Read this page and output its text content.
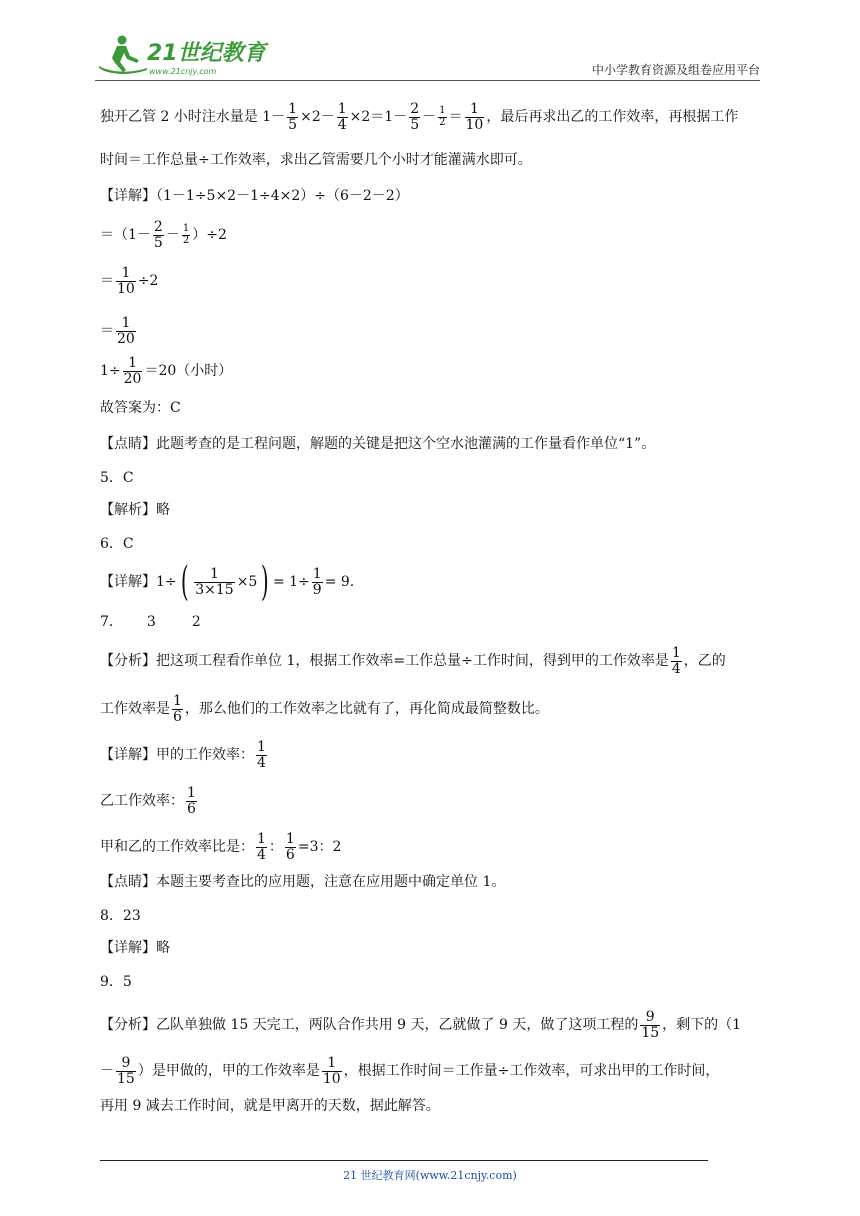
21世纪教育
www.21cnjy.com	中小学教育资源及组卷应用平台
独开乙管 2 小时注水量是 $1- \frac{1}{5} \times 2- \frac{1}{4} \times 2=1- \frac{2}{5} - \frac{1}{2} = \frac{1}{10}$ ，最后再求出乙的工作效率，再根据工作
时间＝工作总量÷工作效率，求出乙管需要几个小时才能灌满水即可。
【详解】（1－1÷5×2－1÷4×2）÷（6－2－2）
$=(1- \frac{2}{5} - \frac{1}{2} )\div 2$
＝ $\frac{1}{10} \div 2$
＝ $\frac{1}{20}$
$1\div \frac{1}{20} =20$（小时）
故答案为：C
【点睛】此题考查的是工程问题，解题的关键是把这个空水池灌满的工作量看作单位“1”。
5．C
【解析】略
6．C
【详解】1÷ ( $\frac{1}{3\times 15} \times 5$ ) = $1\div \frac{1}{9} = 9$.
7． 3	2
【分析】把这项工程看作单位 1，根据工作效率=工作总量÷工作时间，得到甲的工作效率是 $\frac{1}{4}$ ，乙的
工作效率是 $\frac{1}{6}$ ，那么他们的工作效率之比就有了，再化简成最简整数比。
【详解】甲的工作效率： $\frac{1}{4}$
乙工作效率： $\frac{1}{6}$
甲和乙的工作效率比是： $\frac{1}{4}$ ： $\frac{1}{6} =3$：2
【点睛】本题主要考查比的应用题，注意在应用题中确定单位 1。
8．23
【详解】略
9．5
【分析】乙队单独做 15 天完工，两队合作共用 9 天，乙就做了 9 天，做了这项工程的 $\frac{9}{15}$ ，剩下的（1
－ $\frac{9}{15}$ ）是甲做的，甲的工作效率是 $\frac{1}{10}$ ，根据工作时间＝工作量÷工作效率，可求出甲的工作时间，
再用 9 减去工作时间，就是甲离开的天数，据此解答。
21 世纪教育网(www.21cnjy.com)
